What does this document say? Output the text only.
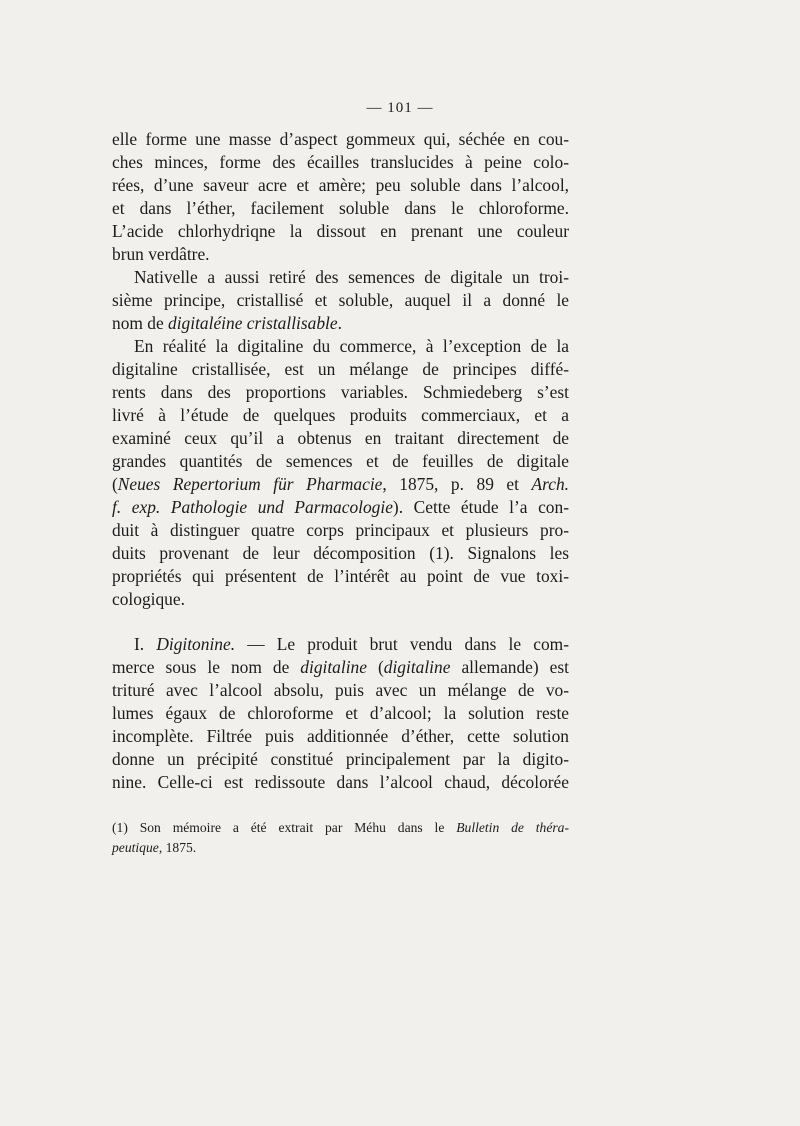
— 101 —
elle forme une masse d’aspect gommeux qui, séchée en cou-
ches minces, forme des écailles translucides à peine colo-
rées, d’une saveur acre et amère; peu soluble dans l’alcool,
et dans l’éther, facilement soluble dans le chloroforme.
L’acide chlorhydriqne la dissout en prenant une couleur
brun verdâtre.
Nativelle a aussi retiré des semences de digitale un troi-
sième principe, cristallisé et soluble, auquel il a donné le
nom de digitaléine cristallisable.
En réalité la digitaline du commerce, à l’exception de la
digitaline cristallisée, est un mélange de principes diffé-
rents dans des proportions variables. Schmiedeberg s’est
livré à l’étude de quelques produits commerciaux, et a
examiné ceux qu’il a obtenus en traitant directement de
grandes quantités de semences et de feuilles de digitale
(Neues Repertorium für Pharmacie, 1875, p. 89 et Arch.
f. exp. Pathologie und Parmacologie). Cette étude l’a con-
duit à distinguer quatre corps principaux et plusieurs pro-
duits provenant de leur décomposition (1). Signalons les
propriétés qui présentent de l’intérêt au point de vue toxi-
cologique.
I. Digitonine. — Le produit brut vendu dans le com-
merce sous le nom de digitaline (digitaline allemande) est
trituré avec l’alcool absolu, puis avec un mélange de vo-
lumes égaux de chloroforme et d’alcool; la solution reste
incomplète. Filtrée puis additionnée d’éther, cette solution
donne un précipité constitué principalement par la digito-
nine. Celle-ci est redissoute dans l’alcool chaud, décolorée
(1) Son mémoire a été extrait par Méhu dans le Bulletin de théra-
peutique, 1875.
